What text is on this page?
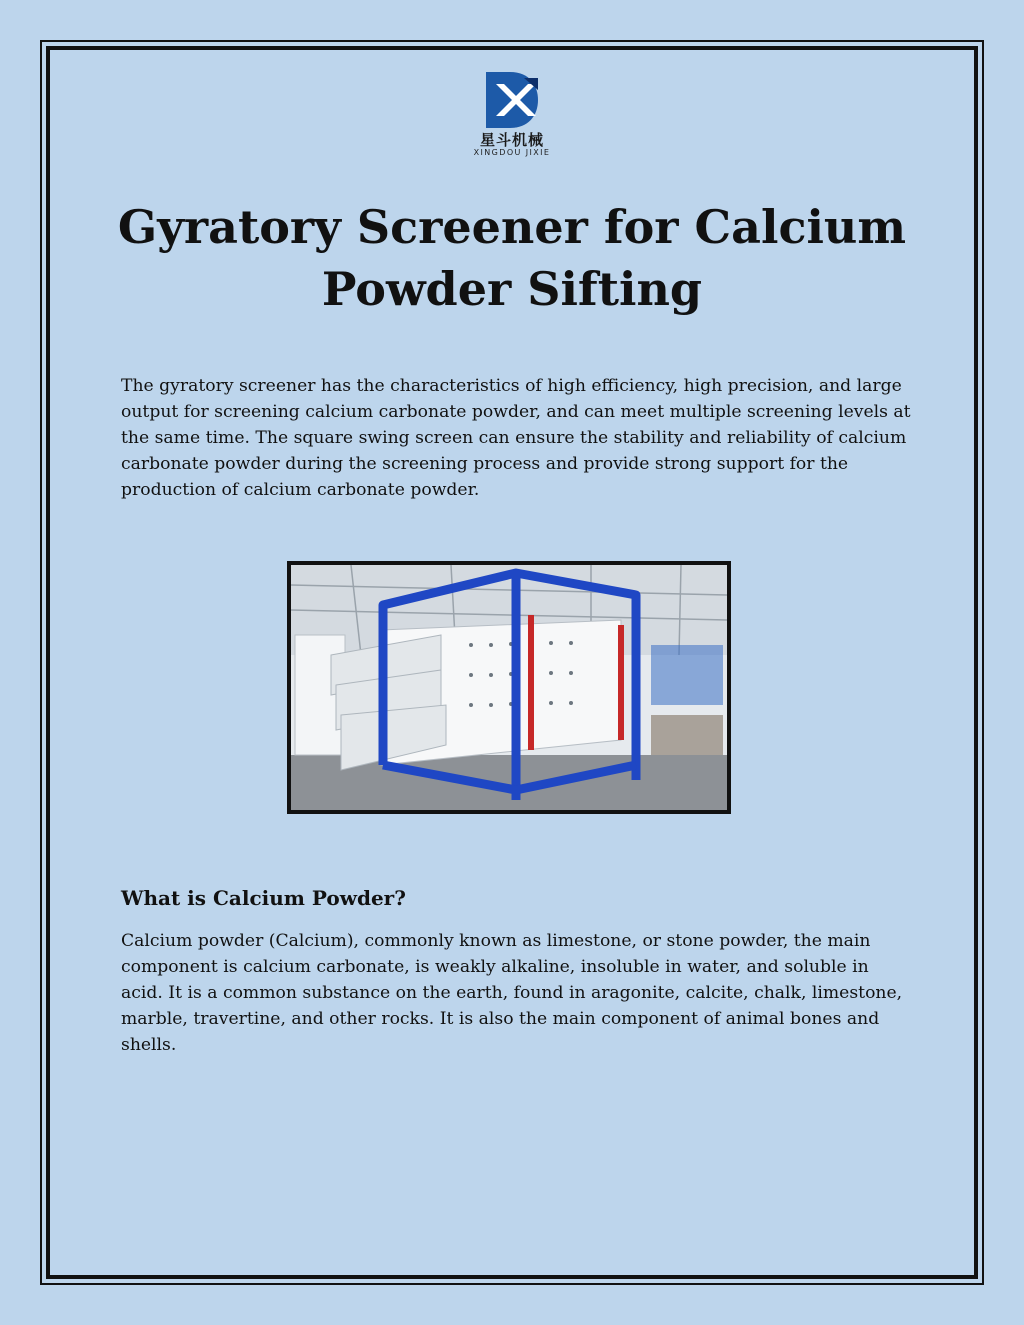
星斗机械
XINGDOU JIXIE
Gyratory Screener for Calcium Powder Sifting

The gyratory screener has the characteristics of high efficiency, high precision, and large output for screening calcium carbonate powder, and can meet multiple screening levels at the same time. The square swing screen can ensure the stability and reliability of calcium carbonate powder during the screening process and provide strong support for the production of calcium carbonate powder.

What is Calcium Powder?

Calcium powder (Calcium), commonly known as limestone, or stone powder, the main component is calcium carbonate, is weakly alkaline, insoluble in water, and soluble in acid. It is a common substance on the earth, found in aragonite, calcite, chalk, limestone, marble, travertine, and other rocks. It is also the main component of animal bones and shells.
